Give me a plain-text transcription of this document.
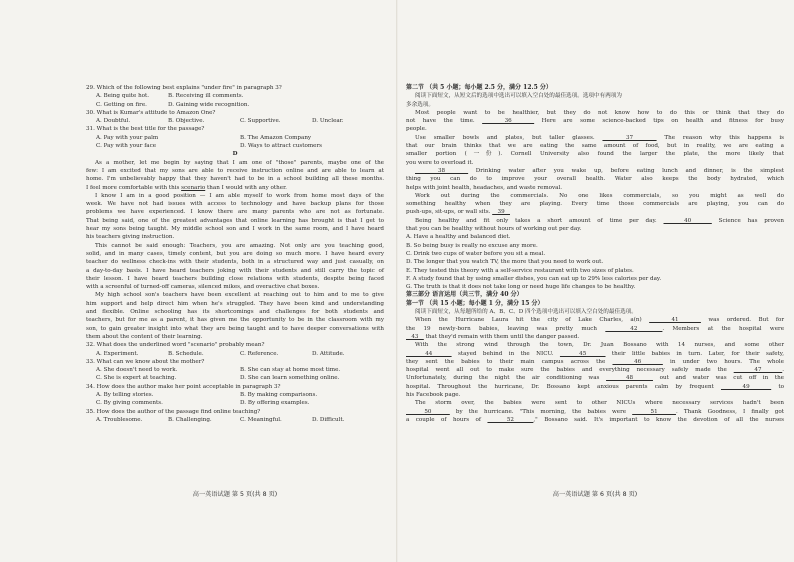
29. Which of the following best explains "under fire" in paragraph 3?
A. Being quite hot.	B. Receiving ill comments.
C. Getting on fire.	D. Gaining wide recognition.
30. What is Kumar's attitude to Amazon One?
A. Doubtful.	B. Objective.	C. Supportive.	D. Unclear.
31. What is the best title for the passage?
A. Pay with your palm	B. The Amazon Company
C. Pay with your face	D. Ways to attract customers
D
As a mother, let me begin by saying that I am one of "those" parents, maybe one of the
few: I am excited that my sons are able to receive instruction online and are able to learn at
home. I'm unbelievably happy that they haven't had to be in a school building all these months.
I feel more comfortable with this scenario than I would with any other.
I know I am in a good position — I am able myself to work from home most days of the
week. We have not had issues with access to technology and have backup plans for those
problems we have experienced. I know there are many parents who are not as fortunate.
That being said, one of the greatest advantages that online learning has brought is that I get to
hear my sons being taught. My middle school son and I work in the same room, and I have heard
his teachers giving instruction.
This cannot be said enough: Teachers, you are amazing. Not only are you teaching good,
solid, and in many cases, timely content, but you are doing so much more. I have heard every
teacher do wellness check-ins with their students, both in a structured way and just casually, on
a day-to-day basis. I have heard teachers joking with their students and still carry the topic of
their lesson. I have heard teachers building close relations with students, despite being faced
with a screenful of turned-off cameras, silenced mikes, and overactive chat boxes.
My high school son's teachers have been excellent at reaching out to him and to me to give
him support and help direct him when he's struggled. They have been kind and understanding
and flexible. Online schooling has its shortcomings and challenges for both students and
teachers, but for me as a parent, it has given me the opportunity to be in the classroom with my
son, to gain greater insight into what they are being taught and to have deeper conversations with
them about the content of their learning.
32. What does the underlined word "scenario" probably mean?
A. Experiment.	B. Schedule.	C. Reference.	D. Attitude.
33. What can we know about the mother?
A. She doesn't need to work.	B. She can stay at home most time.
C. She is expert at teaching.	D. She can learn something online.
34. How does the author make her point acceptable in paragraph 3?
A. By telling stories.	B. By making comparisons.
C. By giving comments.	D. By offering examples.
35. How does the author of the passage find online teaching?
A. Troublesome.	B. Challenging.	C. Meaningful.	D. Difficult.
高一英语试题 第 5 页(共 8 页)
第二节 （共 5 小题；每小题 2.5 分，满分 12.5 分）
阅读下面短文，从短文后的选项中选出可以填入空白处的最佳选项。选项中有两项为
多余选项。
Most people want to be healthier, but they do not know how to do this or think that they do
not have the time.    36    Here are some science-backed tips on health and fitness for busy
people.
Use smaller bowls and plates, but taller glasses.    37    The reason why this happens is
that our brain thinks that we are eating the same amount of food, but in reality, we are eating a
smaller portion (一份). Cornell University also found the larger the plate, the more likely that
you were to overload it.
38    Drinking water after you wake up, before eating lunch and dinner, is the simplest
thing you can do to improve your overall health. Water also keeps the body hydrated, which
helps with joint health, headaches, and waste removal.
Work out during the commercials. No one likes commercials, so you might as well do
something healthy when they are playing. Every time those commercials are playing, you can do
push-ups, sit-ups, or wall sits.    39
Being healthy and fit only takes a short amount of time per day.    40    Science has proven
that you can be healthy without hours of working out per day.
A. Have a healthy and balanced diet.
B. So being busy is really no excuse any more.
C. Drink two cups of water before you sit a meal.
D. The longer that you watch TV, the more that you need to work out.
E. They tested this theory with a self-service restaurant with two sizes of plates.
F. A study found that by using smaller dishes, you can eat up to 29% less calories per day.
G. The truth is that it does not take long or need huge life changes to be healthy.
第三部分 语言运用（共三节，满分 40 分）
第一节 （共 15 小题；每小题 1 分，满分 15 分）
阅读下面短文，从每题所给的 A、B、C、D 四个选项中选出可以填入空白处的最佳选项。
When the Hurricane Laura hit the city of Lake Charles, a(n)    41    was ordered. But for
the 19 newly-born babies, leaving was pretty much    42   . Members at the hospital were
43    that they'd remain with them until the danger passed.
With the strong wind through the town, Dr. Juan Bossano with 14 nurses, and some other
44    stayed behind in the NICU.    45    their little babies in turn. Later, for their safety,
they sent the babies to their main campus across the    46    in under two hours. The whole
hospital went all out to make sure the babies and everything necessary safely made the    47   .
Unfortunately, during the night the air conditioning was    48    out and water was cut off in the
hospital. Throughout the hurricane, Dr. Bossano kept anxious parents calm by frequent    49    to
his Facebook page.
The storm over, the babies were sent to other NICUs where necessary services hadn't been
50    by the hurricane. "This morning, the babies were    51   . Thank Goodness, I finally got
a couple of hours of    52   ," Bossano said. It's important to know the devotion of all the nurses
高一英语试题 第 6 页(共 8 页)
